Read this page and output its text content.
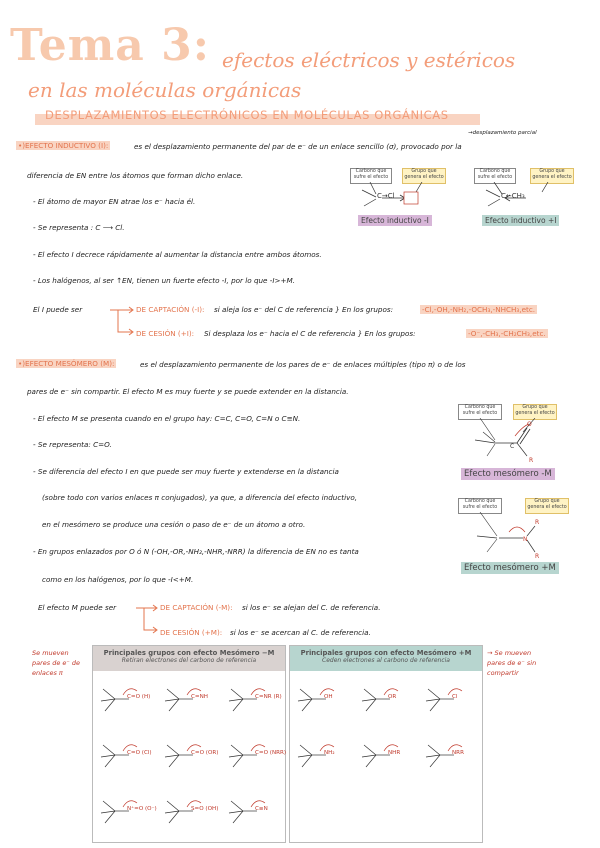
Tema 3: efectos eléctricos y estéricos
en las moléculas orgánicas
DESPLAZAMIENTOS ELECTRÓNICOS EN MOLÉCULAS ORGÁNICAS
→desplazamiento parcial
•)EFECTO INDUCTIVO (I):	es el desplazamiento permanente del par de e⁻ de un enlace sencillo (σ), provocado por la
diferencia de EN entre los átomos que forman dicho enlace.
- El átomo de mayor EN atrae los e⁻ hacia él.
- Se representa : C ⟶ Cl.
- El efecto I decrece rápidamente al aumentar la distancia entre ambos átomos.
- Los halógenos, al ser ↑EN, tienen un fuerte efecto -I, por lo que -I>+M.
El I puede ser	DE CAPTACIÓN (-I): si aleja los e⁻ del C de referencia } En los grupos:	-Cl,-OH,-NH₂,-OCH₃,-NHCH₃,etc.
DE CESIÓN (+I): Si desplaza los e⁻ hacia el C de referencia } En los grupos:	-O⁻,-CH₃,-CH₂CH₃,etc.
Carbono que sufre el efecto
Grupo que genera el efecto
C→Cl
Efecto inductivo -I
Carbono que sufre el efecto
Grupo que genera el efecto
C←CH₃
Efecto inductivo +I
•)EFECTO MESÓMERO (M):	es el desplazamiento permanente de los pares de e⁻ de enlaces múltiples (tipo π) o de los
pares de e⁻ sin compartir. El efecto M es muy fuerte y se puede extender en la distancia.
- El efecto M se presenta cuando en el grupo hay: C=C, C=O, C=N o C≡N.
- Se representa: C=O.
- Se diferencia del efecto I en que puede ser muy fuerte y extenderse en la distancia
(sobre todo con varios enlaces π conjugados), ya que, a diferencia del efecto inductivo,
en el mesómero se produce una cesión o paso de e⁻ de un átomo a otro.
- En grupos enlazados por O ó N (-OH,-OR,-NH₂,-NHR,-NRR) la diferencia de EN no es tanta
como en los halógenos, por lo que -I<+M.
El efecto M puede ser	DE CAPTACIÓN (-M): si los e⁻ se alejan del C. de referencia.
DE CESIÓN (+M): si los e⁻ se acercan al C. de referencia.
Carbono que sufre el efecto
Grupo que genera el efecto
O
R
C
Efecto mesómero -M
Carbono que sufre el efecto
Grupo que genera el efecto
N
R
R
Efecto mesómero +M
Se mueven pares de e⁻ de enlaces π
→ Se mueven pares de e⁻ sin compartir
Principales grupos con efecto Mesómero −M
Retiran electrones del carbono de referencia
C=O (H)	C=NH	C=NR (R)
C=O (Cl)	C=O (OR)	C=O (NRR)
N⁺=O (O⁻)	S=O (OH)	C≡N
Principales grupos con efecto Mesómero +M
Ceden electrones al carbono de referencia
OH	OR	Cl
NH₂	NHR	NRR
